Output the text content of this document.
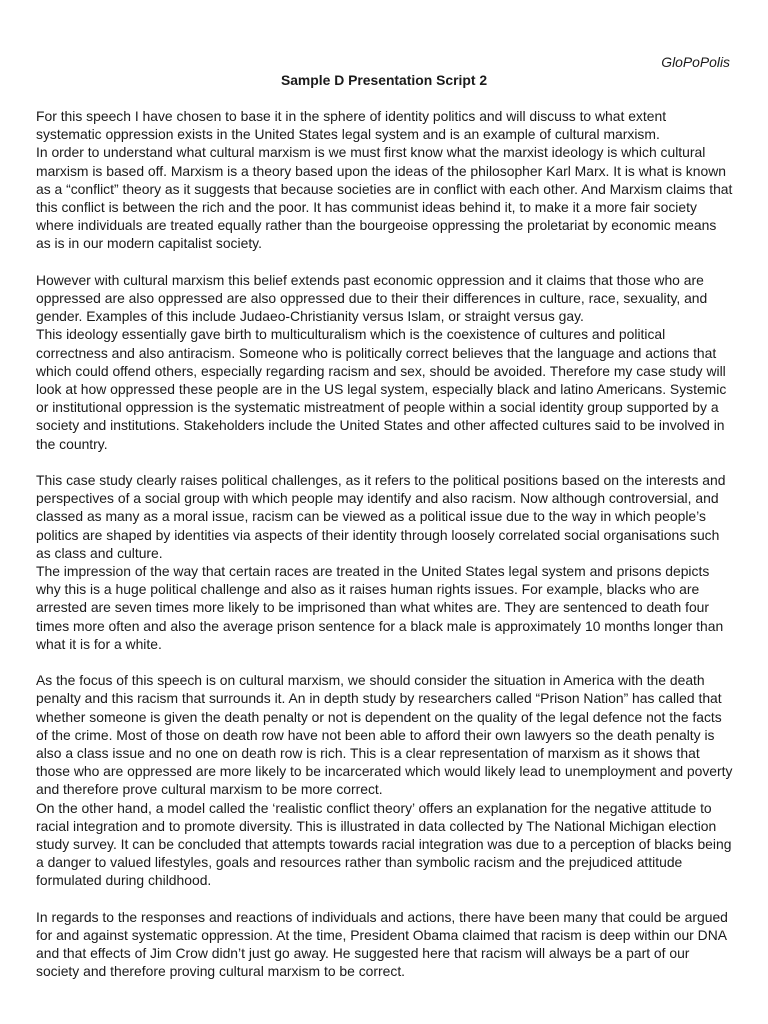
GloPoPolis
Sample D Presentation Script 2

For this speech I have chosen to base it in the sphere of identity politics and will discuss to what extent systematic oppression exists in the United States legal system and is an example of cultural marxism.

In order to understand what cultural marxism is we must first know what the marxist ideology is which cultural marxism is based off. Marxism is a theory based upon the ideas of the philosopher Karl Marx. It is what is known as a “conflict” theory as it suggests that because societies are in conflict with each other. And Marxism claims that this conflict is between the rich and the poor. It has communist ideas behind it, to make it a more fair society where individuals are treated equally rather than the bourgeoise oppressing the proletariat by economic means as is in our modern capitalist society.

However with cultural marxism this belief extends past economic oppression and it claims that those who are oppressed are also oppressed are also oppressed due to their their differences in culture, race, sexuality, and gender. Examples of this include Judaeo-Christianity versus Islam, or straight versus gay.

This ideology essentially gave birth to multiculturalism which is the coexistence of cultures and political correctness and also antiracism. Someone who is politically correct believes that the language and actions that which could offend others, especially regarding racism and sex, should be avoided. Therefore my case study will look at how oppressed these people are in the US legal system, especially black and latino Americans. Systemic or institutional oppression is the systematic mistreatment of people within a social identity group supported by a society and institutions. Stakeholders include the United States and other affected cultures said to be involved in the country.

This case study clearly raises political challenges, as it refers to the political positions based on the interests and perspectives of a social group with which people may identify and also racism. Now although controversial, and classed as many as a moral issue, racism can be viewed as a political issue due to the way in which people’s politics are shaped by identities via aspects of their identity through loosely correlated social organisations such as class and culture.

The impression of the way that certain races are treated in the United States legal system and prisons depicts why this is a huge political challenge and also as it raises human rights issues. For example, blacks who are arrested are seven times more likely to be imprisoned than what whites are. They are sentenced to death four times more often and also the average prison sentence for a black male is approximately 10 months longer than what it is for a white.

As the focus of this speech is on cultural marxism, we should consider the situation in America with the death penalty and this racism that surrounds it. An in depth study by researchers called “Prison Nation” has called that whether someone is given the death penalty or not is dependent on the quality of the legal defence not the facts of the crime. Most of those on death row have not been able to afford their own lawyers so the death penalty is also a class issue and no one on death row is rich. This is a clear representation of marxism as it shows that those who are oppressed are more likely to be incarcerated which would likely lead to unemployment and poverty and therefore prove cultural marxism to be more correct.

On the other hand, a model called the ‘realistic conflict theory’ offers an explanation for the negative attitude to racial integration and to promote diversity. This is illustrated in data collected by The National Michigan election study survey. It can be concluded that attempts towards racial integration was due to a perception of blacks being a danger to valued lifestyles, goals and resources rather than symbolic racism and the prejudiced attitude formulated during childhood.

In regards to the responses and reactions of individuals and actions, there have been many that could be argued for and against systematic oppression. At the time, President Obama claimed that racism is deep within our DNA and that effects of Jim Crow didn’t just go away. He suggested here that racism will always be a part of our society and therefore proving cultural marxism to be correct.
